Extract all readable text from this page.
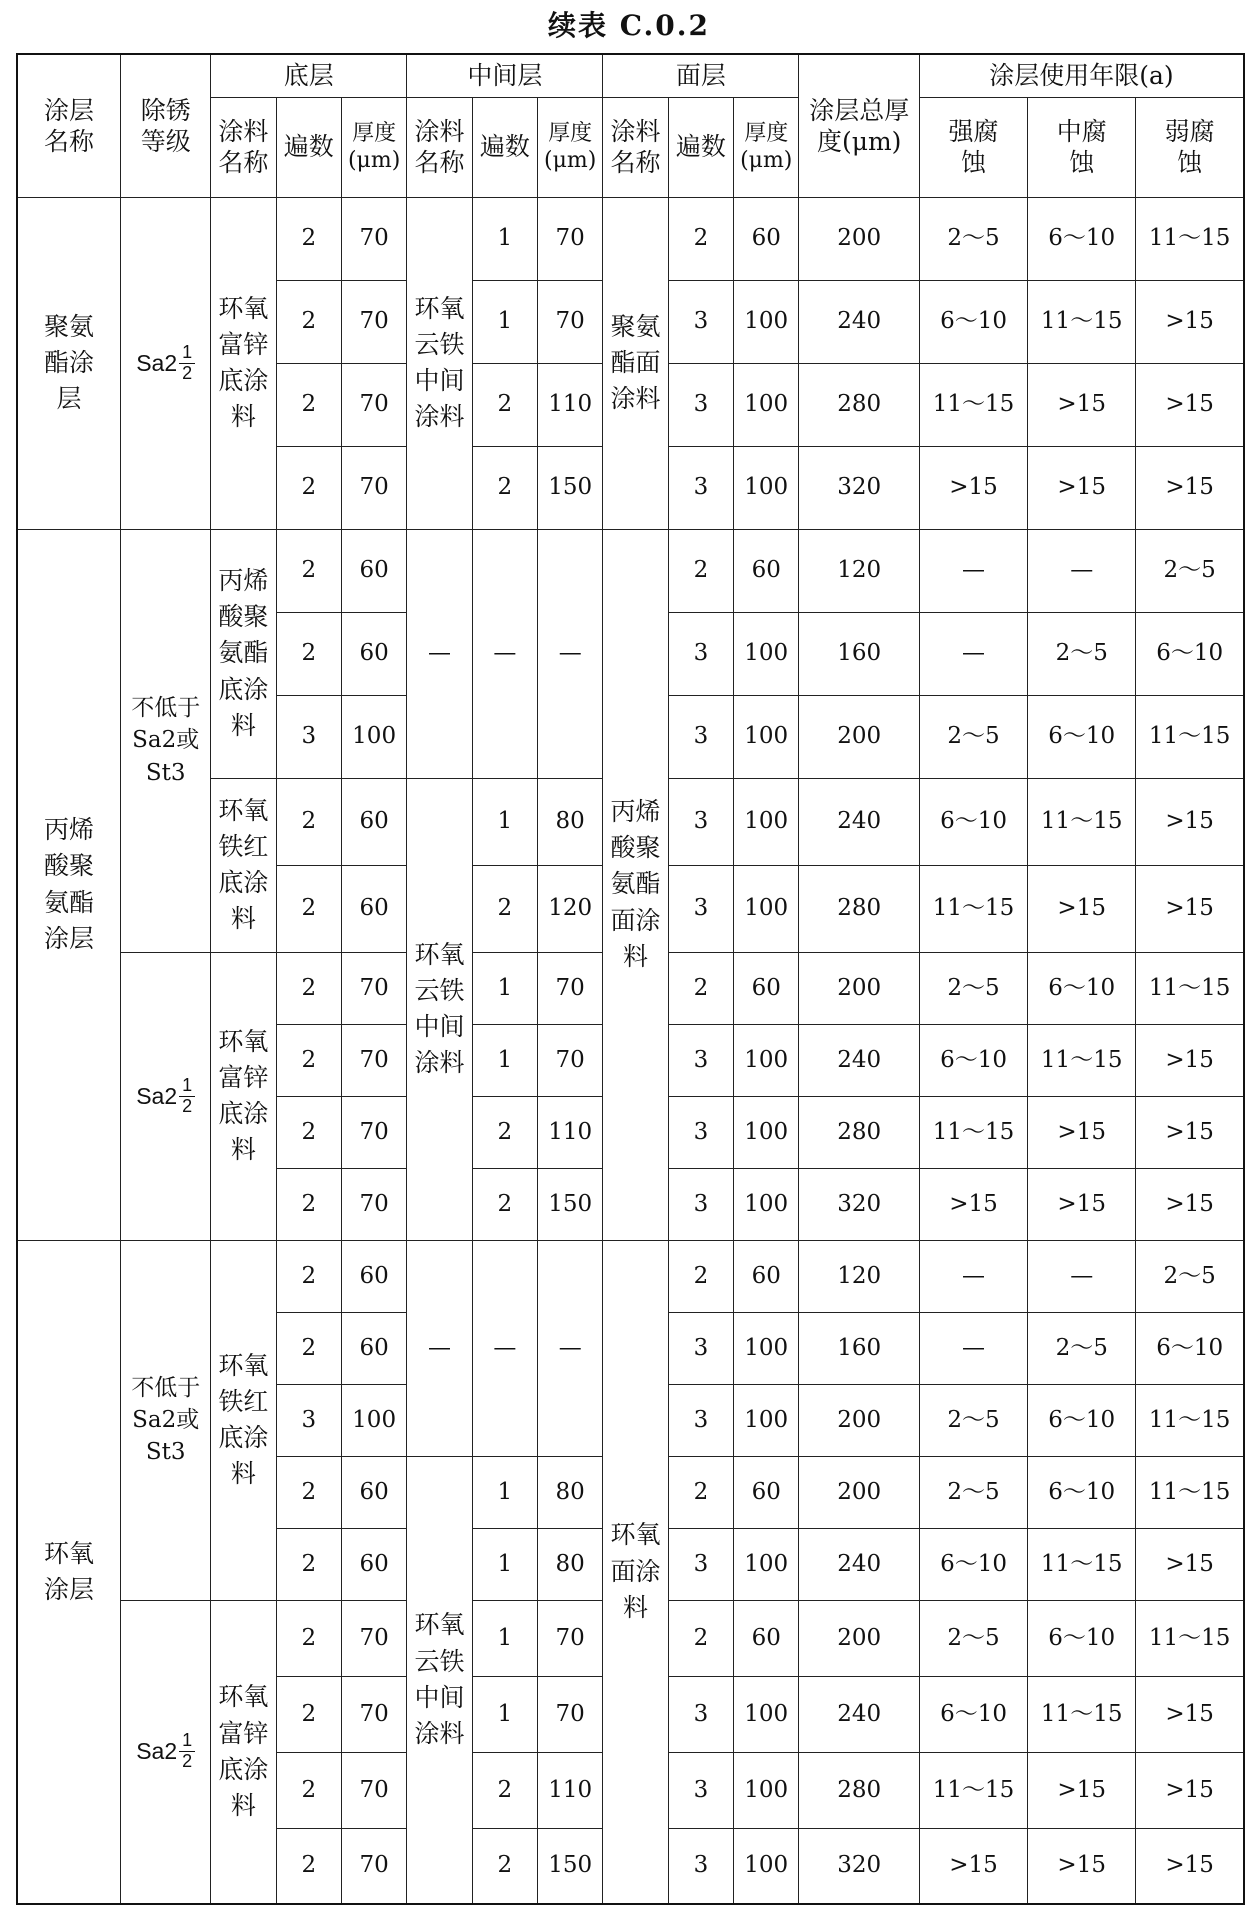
续表 C.0.2
涂层名称	除锈等级	底层			中间层			面层			涂层总厚度(μm)	涂层使用年限(a)		
		涂料名称	遍数	厚度(μm)	涂料名称	遍数	厚度(μm)	涂料名称	遍数	厚度(μm)		强腐蚀	中腐蚀	弱腐蚀
聚氨酯涂层	$Sa2 \frac{1}{2}$	环氧富锌底涂料	2	70	环氧云铁中间涂料	1	70	聚氨酯面涂料	2	60	200	2～5	6～10	11～15
			2	70		1	70		3	100	240	6～10	11～15	>15
			2	70		2	110		3	100	280	11～15	>15	>15
			2	70		2	150		3	100	320	>15	>15	>15
丙烯酸聚氨酯涂层	不低于Sa2或St3	丙烯酸聚氨酯底涂料	2	60	—	—	—	丙烯酸聚氨酯面涂料	2	60	120	—	—	2～5
			2	60					3	100	160	—	2～5	6～10
			3	100					3	100	200	2～5	6～10	11～15
		环氧铁红底涂料	2	60	环氧云铁中间涂料	1	80		3	100	240	6～10	11～15	>15
			2	60		2	120		3	100	280	11～15	>15	>15

	$Sa2 \frac{1}{2}$	环氧富锌底涂料	2	70		1	70		2	60	200	2～5	6～10	11～15
			2	70		1	70		3	100	240	6～10	11～15	>15
			2	70		2	110		3	100	280	11～15	>15	>15
			2	70		2	150		3	100	320	>15	>15	>15
环氧涂层	不低于Sa2或St3	环氧铁红底涂料	2	60	—	—	—	环氧面涂料	2	60	120	—	—	2～5
			2	60					3	100	160	—	2～5	6～10
			3	100					3	100	200	2～5	6～10	11～15
			2	60	环氧云铁中间涂料	1	80		2	60	200	2～5	6～10	11～15
			2	60		1	80		3	100	240	6～10	11～15	>15

	$Sa2 \frac{1}{2}$	环氧富锌底涂料	2	70		1	70		2	60	200	2～5	6～10	11～15
			2	70		1	70		3	100	240	6～10	11～15	>15
			2	70		2	110		3	100	280	11～15	>15	>15
			2	70		2	150		3	100	320	>15	>15	>15
